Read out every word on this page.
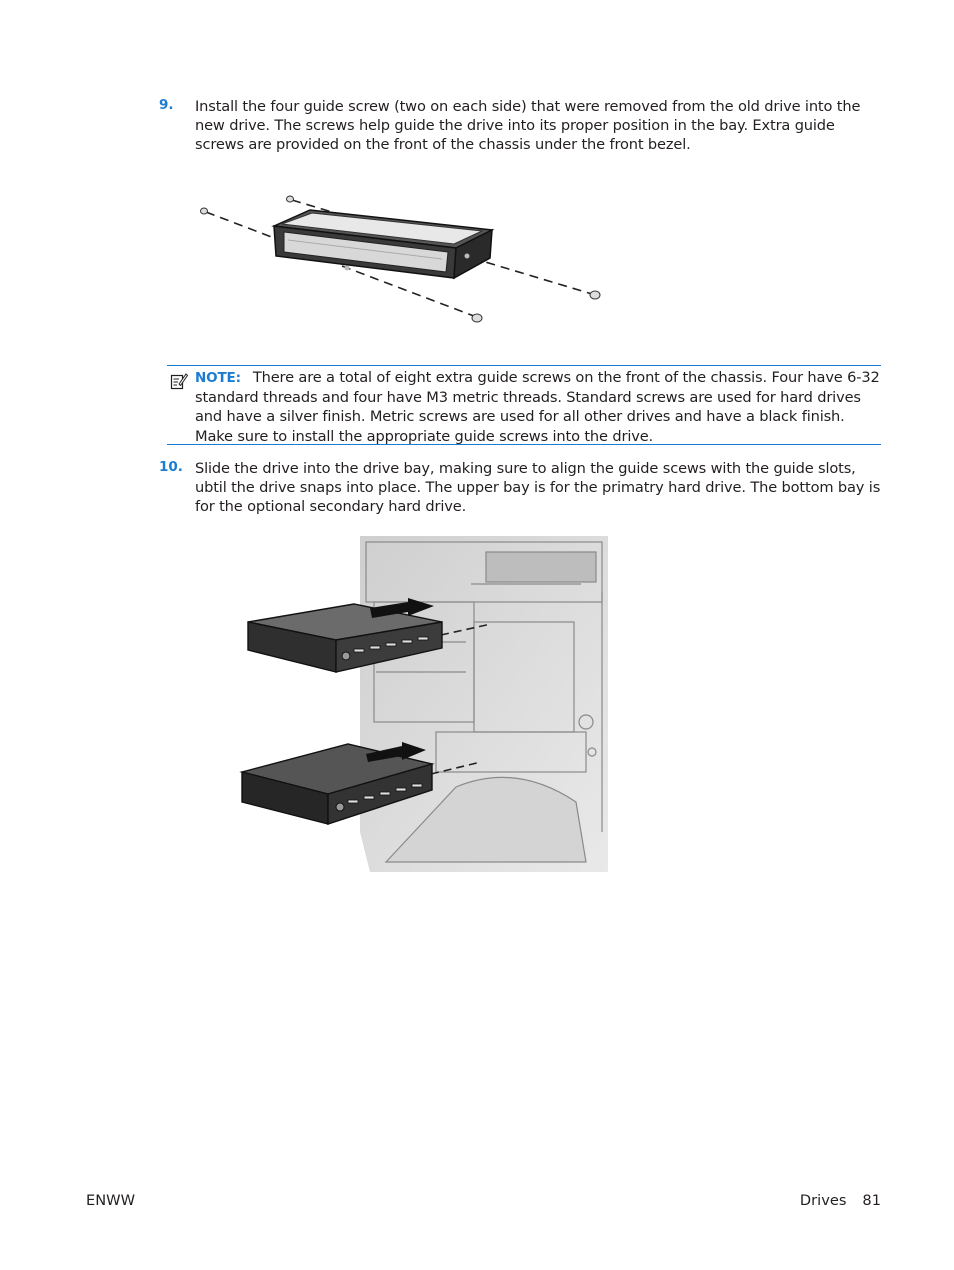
9. Install the four guide screw (two on each side) that were removed from the old drive into the new drive. The screws help guide the drive into its proper position in the bay. Extra guide screws are provided on the front of the chassis under the front bezel.
NOTE: There are a total of eight extra guide screws on the front of the chassis. Four have 6-32 standard threads and four have M3 metric threads. Standard screws are used for hard drives and have a silver finish. Metric screws are used for all other drives and have a black finish. Make sure to install the appropriate guide screws into the drive.
10. Slide the drive into the drive bay, making sure to align the guide scews with the guide slots, ubtil the drive snaps into place. The upper bay is for the primatry hard drive. The bottom bay is for the optional secondary hard drive.
ENWW	Drives 81
